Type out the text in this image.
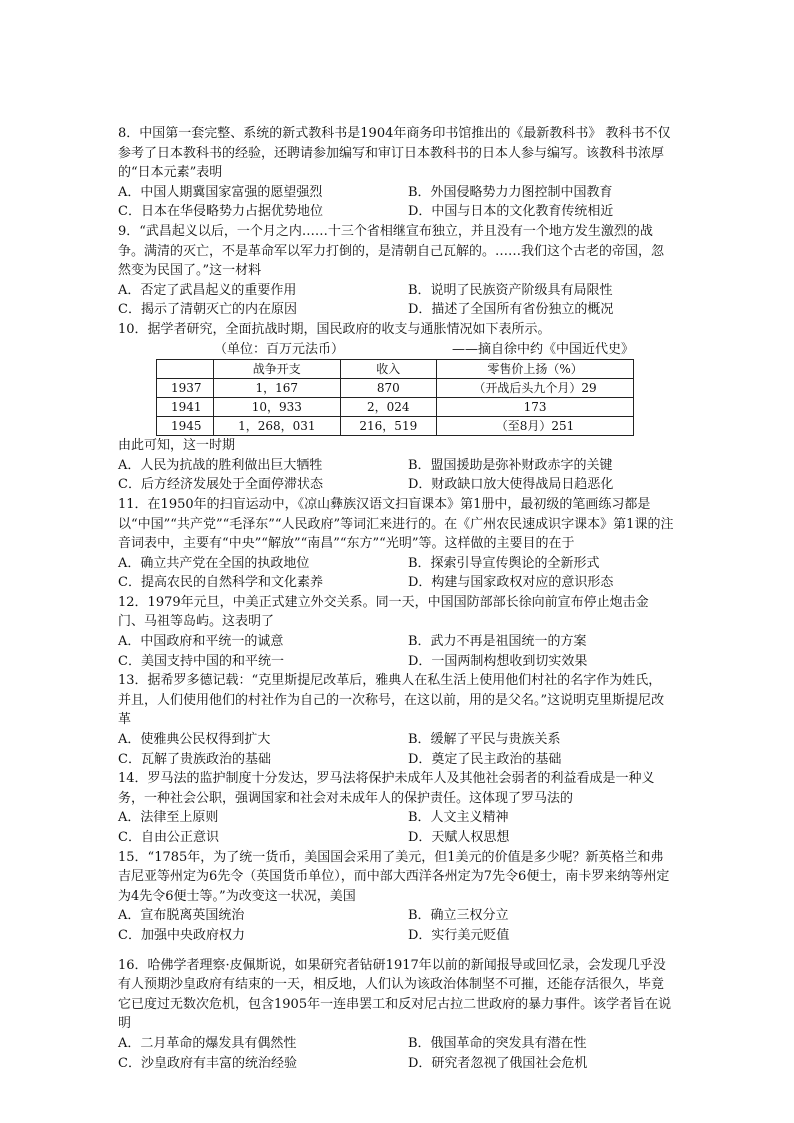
8．中国第一套完整、系统的新式教科书是1904年商务印书馆推出的《最新教科书》 教科书不仅参考了日本教科书的经验，还聘请参加编写和审订日本教科书的日本人参与编写。该教科书浓厚的“日本元素”表明

A．中国人期冀国家富强的愿望强烈	B．外国侵略势力力图控制中国教育
C．日本在华侵略势力占据优势地位	D．中国与日本的文化教育传统相近

9．“武昌起义以后，一个月之内……十三个省相继宣布独立，并且没有一个地方发生激烈的战争。满清的灭亡，不是革命军以军力打倒的，是清朝自己瓦解的。……我们这个古老的帝国，忽然变为民国了。”这一材料

A．否定了武昌起义的重要作用	B．说明了民族资产阶级具有局限性
C．揭示了清朝灭亡的内在原因	D．描述了全国所有省份独立的概况

10．据学者研究，全面抗战时期，国民政府的收支与通胀情况如下表所示。

（单位：百万元法币）	——摘自徐中约《中国近代史》
	战争开支	收入	零售价上扬（%）
1937	1，167	870	（开战后头九个月）29
1941	10，933	2，024	173
1945	1，268，031	216，519	（至8月）251

由此可知，这一时期

A．人民为抗战的胜利做出巨大牺牲	B．盟国援助是弥补财政赤字的关键
C．后方经济发展处于全面停滞状态	D．财政缺口放大使得战局日趋恶化

11．在1950年的扫盲运动中，《凉山彝族汉语文扫盲课本》第1册中，最初级的笔画练习都是以“中国”“共产党”“毛泽东”“人民政府”等词汇来进行的。在《广州农民速成识字课本》第1课的注音词表中，主要有“中央”“解放”“南昌”“东方”“光明”等。这样做的主要目的在于

A．确立共产党在全国的执政地位	B．探索引导宣传舆论的全新形式
C．提高农民的自然科学和文化素养	D．构建与国家政权对应的意识形态

12．1979年元旦，中美正式建立外交关系。同一天，中国国防部部长徐向前宣布停止炮击金门、马祖等岛屿。这表明了

A．中国政府和平统一的诚意	B．武力不再是祖国统一的方案
C．美国支持中国的和平统一	D．一国两制构想收到切实效果

13．据希罗多德记载：“克里斯提尼改革后，雅典人在私生活上使用他们村社的名字作为姓氏，并且，人们使用他们的村社作为自己的一次称号，在这以前，用的是父名。”这说明克里斯提尼改革

A．使雅典公民权得到扩大	B．缓解了平民与贵族关系
C．瓦解了贵族政治的基础	D．奠定了民主政治的基础

14．罗马法的监护制度十分发达，罗马法将保护未成年人及其他社会弱者的利益看成是一种义务，一种社会公职，强调国家和社会对未成年人的保护责任。这体现了罗马法的

A．法律至上原则	B．人文主义精神
C．自由公正意识	D．天赋人权思想

15．“1785年，为了统一货币，美国国会采用了美元，但1美元的价值是多少呢？新英格兰和弗吉尼亚等州定为6先令（英国货币单位），而中部大西洋各州定为7先令6便士，南卡罗来纳等州定为4先令6便士等。”为改变这一状况，美国

A．宣布脱离英国统治	B．确立三权分立
C．加强中央政府权力	D．实行美元贬值

16．哈佛学者理察·皮佩斯说，如果研究者钻研1917年以前的新闻报导或回忆录，会发现几乎没有人预期沙皇政府有结束的一天，相反地，人们认为该政治体制坚不可摧，还能存活很久，毕竟它已度过无数次危机，包含1905年一连串罢工和反对尼古拉二世政府的暴力事件。该学者旨在说明

A．二月革命的爆发具有偶然性	B．俄国革命的突发具有潜在性
C．沙皇政府有丰富的统治经验	D．研究者忽视了俄国社会危机
